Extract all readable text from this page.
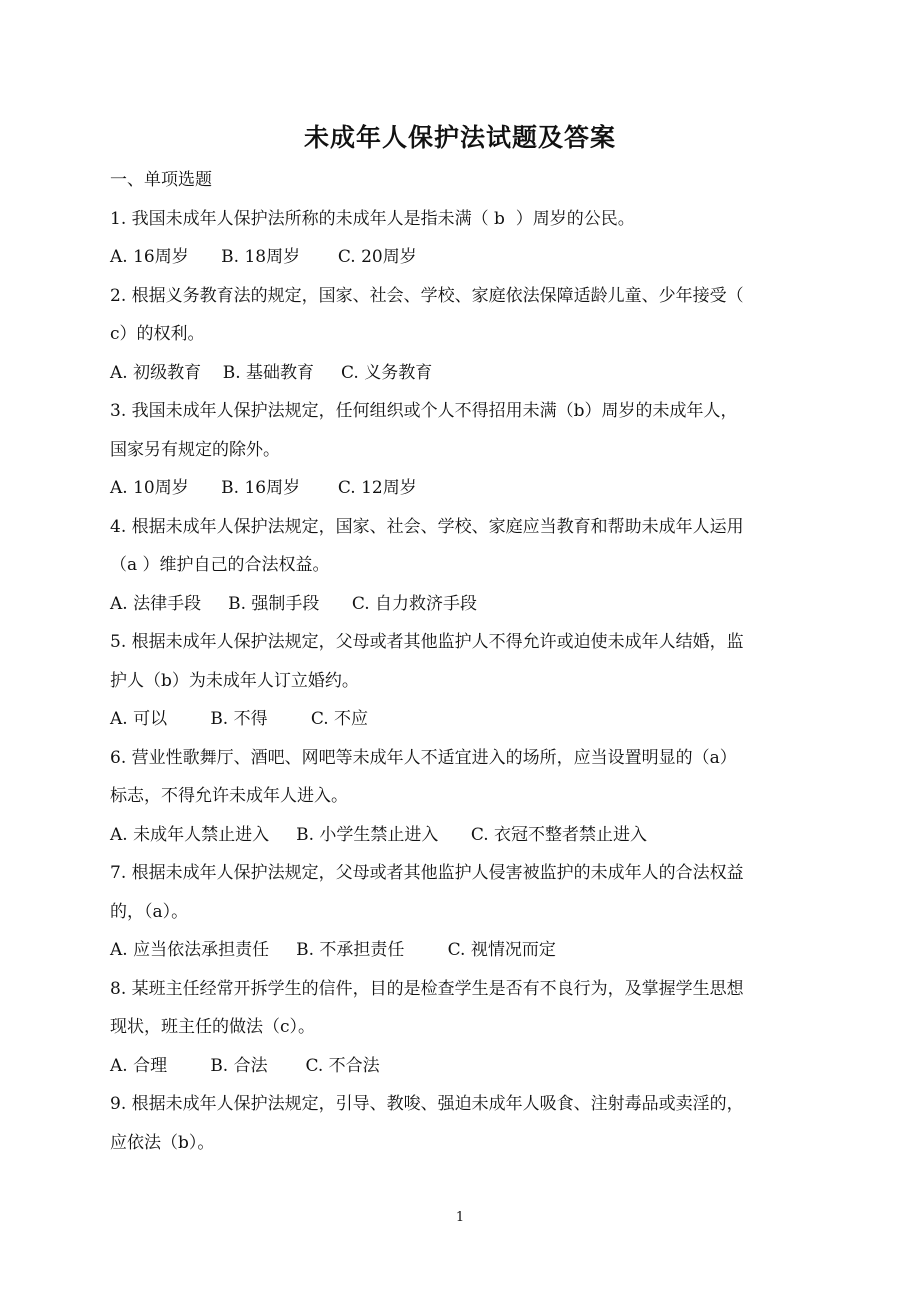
未成年人保护法试题及答案
一、单项选题
1. 我国未成年人保护法所称的未成年人是指未满（ b  ）周岁的公民。
A. 16周岁      B. 18周岁       C. 20周岁
2. 根据义务教育法的规定，国家、社会、学校、家庭依法保障适龄儿童、少年接受（
c）的权利。
A. 初级教育    B. 基础教育     C. 义务教育
3. 我国未成年人保护法规定，任何组织或个人不得招用未满（b）周岁的未成年人，
国家另有规定的除外。
A. 10周岁      B. 16周岁       C. 12周岁
4. 根据未成年人保护法规定，国家、社会、学校、家庭应当教育和帮助未成年人运用
（a ）维护自己的合法权益。
A. 法律手段     B. 强制手段      C. 自力救济手段
5. 根据未成年人保护法规定，父母或者其他监护人不得允许或迫使未成年人结婚，监
护人（b）为未成年人订立婚约。
A. 可以        B. 不得        C. 不应
6. 营业性歌舞厅、酒吧、网吧等未成年人不适宜进入的场所，应当设置明显的（a）
标志，不得允许未成年人进入。
A. 未成年人禁止进入     B. 小学生禁止进入      C. 衣冠不整者禁止进入
7. 根据未成年人保护法规定，父母或者其他监护人侵害被监护的未成年人的合法权益
的，（a）。
A. 应当依法承担责任     B. 不承担责任        C. 视情况而定
8. 某班主任经常开拆学生的信件，目的是检查学生是否有不良行为，及掌握学生思想
现状，班主任的做法（c）。
A. 合理        B. 合法       C. 不合法
9. 根据未成年人保护法规定，引导、教唆、强迫未成年人吸食、注射毒品或卖淫的，
应依法（b）。
1
